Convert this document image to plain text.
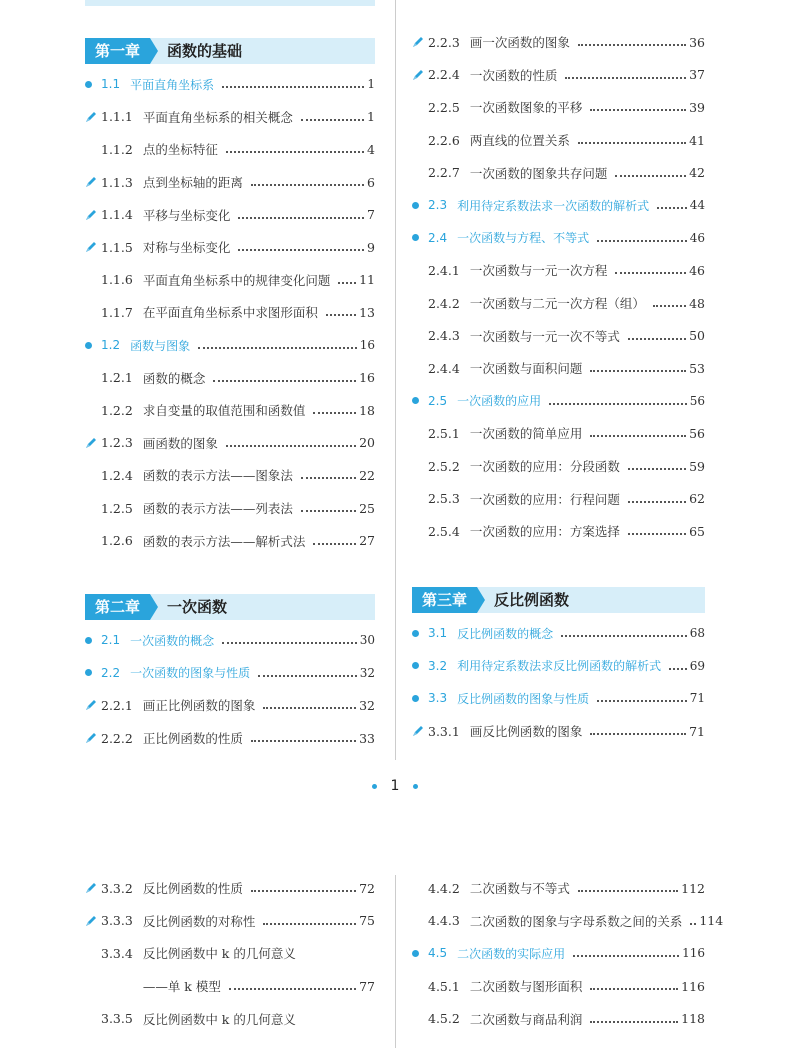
第一章	函数的基础
1.1 平面直角坐标系	1
1.1.1 平面直角坐标系的相关概念	1
1.1.2 点的坐标特征	4
1.1.3 点到坐标轴的距离	6
1.1.4 平移与坐标变化	7
1.1.5 对称与坐标变化	9
1.1.6 平面直角坐标系中的规律变化问题 11
1.1.7 在平面直角坐标系中求图形面积	13
1.2 函数与图象	16
1.2.1 函数的概念	16
1.2.2 求自变量的取值范围和函数值	18
1.2.3 画函数的图象	20
1.2.4 函数的表示方法——图象法	22
1.2.5 函数的表示方法——列表法	25
1.2.6 函数的表示方法——解析式法	27
第二章	一次函数
2.1 一次函数的概念	30
2.2 一次函数的图象与性质	32
2.2.1 画正比例函数的图象	32
2.2.2 正比例函数的性质	33
2.2.3 画一次函数的图象	36
2.2.4 一次函数的性质	37
2.2.5 一次函数图象的平移	39
2.2.6 两直线的位置关系	41
2.2.7 一次函数的图象共存问题	42
2.3 利用待定系数法求一次函数的解析式	44
2.4 一次函数与方程、不等式	46
2.4.1 一次函数与一元一次方程	46
2.4.2 一次函数与二元一次方程（组）	48
2.4.3 一次函数与一元一次不等式	50
2.4.4 一次函数与面积问题	53
2.5 一次函数的应用	56
2.5.1 一次函数的简单应用	56
2.5.2 一次函数的应用：分段函数	59
2.5.3 一次函数的应用：行程问题	62
2.5.4 一次函数的应用：方案选择	65
第三章	反比例函数
3.1 反比例函数的概念	68
3.2 利用待定系数法求反比例函数的解析式 69
3.3 反比例函数的图象与性质	71
3.3.1 画反比例函数的图象	71
1
3.3.2 反比例函数的性质	72
3.3.3 反比例函数的对称性	75
3.3.4 反比例函数中 k 的几何意义
——单 k 模型	77
3.3.5 反比例函数中 k 的几何意义
4.4.2 二次函数与不等式	112
4.4.3 二次函数的图象与字母系数之间的关系 114
4.5 二次函数的实际应用	116
4.5.1 二次函数与图形面积	116
4.5.2 二次函数与商品利润	118
